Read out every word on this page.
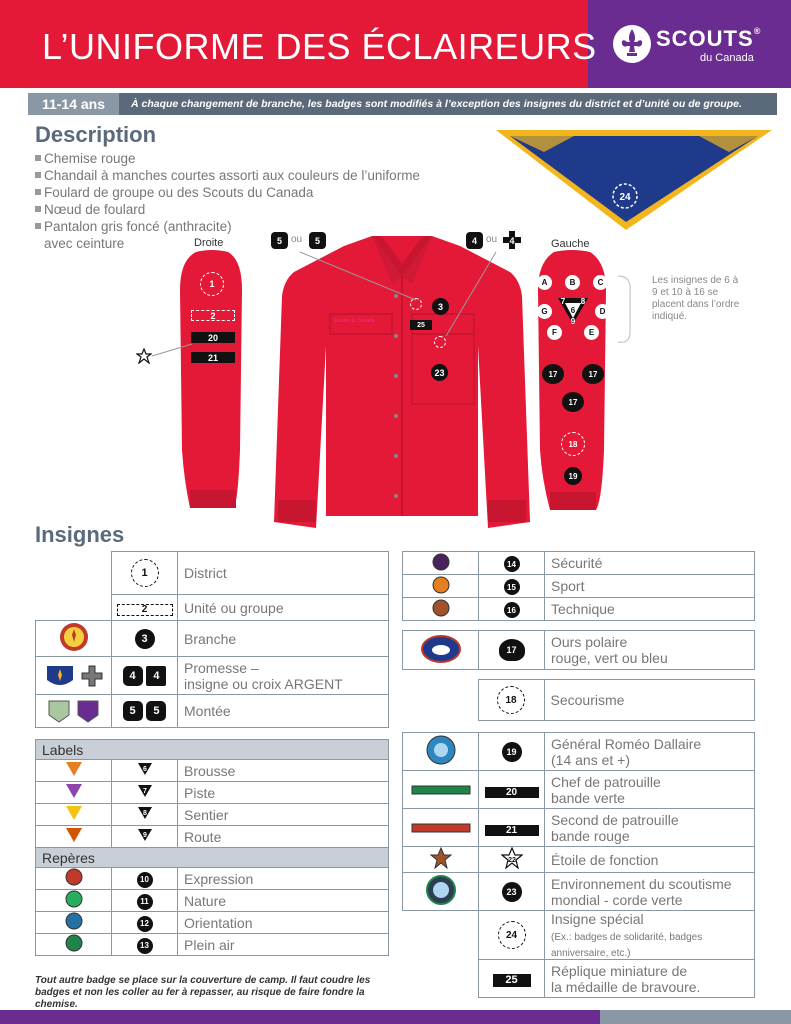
L’UNIFORME DES ÉCLAIREURS	SCOUTS®
du Canada
11-14 ans	À chaque changement de branche, les badges sont modifiés à l’exception des insignes du district et d’unité ou de groupe.
Description
Chemise rouge
Chandail à manches courtes assorti aux couleurs de l’uniforme
Foulard de groupe ou des Scouts du Canada
Nœud de foulard
Pantalon gris foncé (anthracite)
avec ceinture
24
Droite	Gauche
5 ou	5	4 ou	4
1
2
20
21
Scouts du Canada
3
25
23
A	B	C
G	D
F	E
7	8
6
9
17	17
17
18
19
Les insignes de 6 à 9 et 10 à 16 se placent dans l’ordre indiqué.
Insignes
	1	District
	2	Unité ou groupe
	3	Branche
	4 4	Promesse –
insigne ou croix ARGENT
	5 5	Montée
Labels		

6	Brousse

7	Piste

8	Sentier

9	Route
Repères		
	10	Expression
	11	Nature
	12	Orientation
	13	Plein air
	14	Sécurité
	15	Sport
	16	Technique
	17	Ours polaire
rouge, vert ou bleu
	18	Secourisme
	19	Général Roméo Dallaire
(14 ans et +)
	20	Chef de patrouille
bande verte
	21	Second de patrouille
bande rouge

22	Étoile de fonction
	23	Environnement du scoutisme
mondial - corde verte
	24	Insigne spécial
(Ex.: badges de solidarité, badges anniversaire, etc.)
	25	Réplique miniature de
la médaille de bravoure.
Tout autre badge se place sur la couverture de camp. Il faut coudre les badges et non les coller au fer à repasser, au risque de faire fondre la chemise.
